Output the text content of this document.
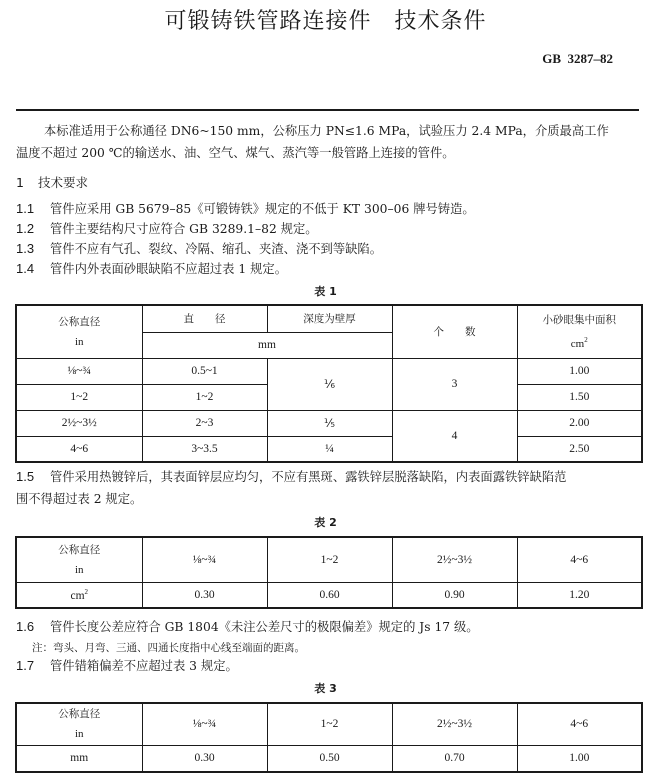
可锻铸铁管路连接件　技术条件
GB  3287–82
本标准适用于公称通径 DN6~150 mm，公称压力 PN≤1.6 MPa，试验压力 2.4 MPa，介质最高工作
温度不超过 200 ℃的输送水、油、空气、煤气、蒸汽等一般管路上连接的管件。
1 技术要求
1.1 管件应采用 GB 5679–85《可锻铸铁》规定的不低于 KT 300–06 牌号铸造。
1.2 管件主要结构尺寸应符合 GB 3289.1–82 规定。
1.3 管件不应有气孔、裂纹、冷隔、缩孔、夹渣、浇不到等缺陷。
1.4 管件内外表面砂眼缺陷不应超过表 1 规定。
表 1
公称直径
in	直　　径	深度为壁厚	个　　数	小砂眼集中面积
$cm^2$

	mm			
⅛~¾	0.5~1	⅙	3	1.00
1~2	1~2			1.50
2½~3½	2~3	⅕	4	2.00
4~6	3~3.5	¼		2.50
1.5 管件采用热镀锌后，其表面锌层应均匀，不应有黑斑、露铁锌层脱落缺陷，内表面露铁锌缺陷范
围不得超过表 2 规定。
表 2
公称直径
in	⅛~¾	1~2	2½~3½	4~6
$cm^2$	0.30	0.60	0.90	1.20
1.6 管件长度公差应符合 GB 1804《未注公差尺寸的极限偏差》规定的 Js 17 级。
注：弯头、月弯、三通、四通长度指中心线至端面的距离。
1.7 管件错箱偏差不应超过表 3 规定。
表 3
公称直径
in	⅛~¾	1~2	2½~3½	4~6
mm	0.30	0.50	0.70	1.00
